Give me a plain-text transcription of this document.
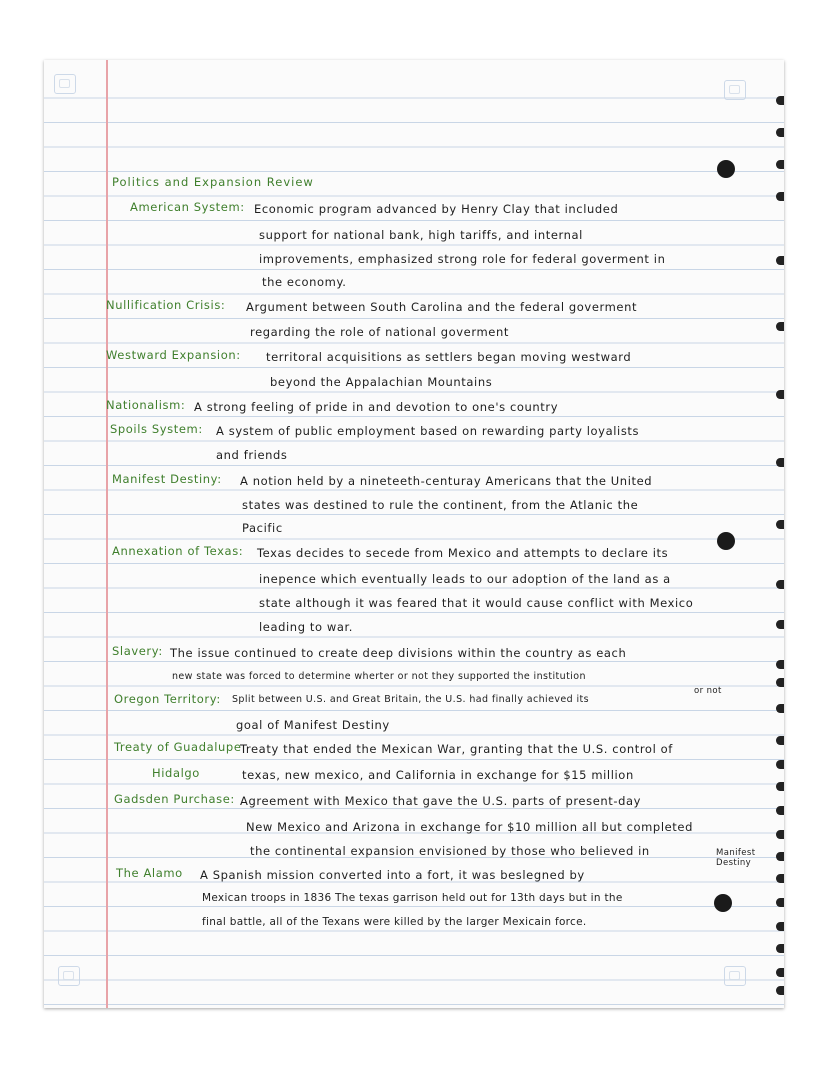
Politics and Expansion Review
American System: Economic program advanced by Henry Clay that included
support for national bank, high tariffs, and internal
improvements, emphasized strong role for federal goverment in
the economy.
Nullification Crisis: Argument between South Carolina and the federal goverment
regarding the role of national goverment
Westward Expansion: territoral acquisitions as settlers began moving westward
beyond the Appalachian Mountains
Nationalism: A strong feeling of pride in and devotion to one's country
Spoils System: A system of public employment based on rewarding party loyalists
and friends
Manifest Destiny: A notion held by a nineteeth-centuray Americans that the United
states was destined to rule the continent, from the Atlanic the
Pacific
Annexation of Texas: Texas decides to secede from Mexico and attempts to declare its
inepence which eventually leads to our adoption of the land as a
state although it was feared that it would cause conflict with Mexico
leading to war.
Slavery: The issue continued to create deep divisions within the country as each
new state was forced to determine wherter or not they supported the institution
or not
Oregon Territory: Split between U.S. and Great Britain, the U.S. had finally achieved its
goal of Manifest Destiny
Treaty of Guadalupe
Treaty that ended the Mexican War, granting that the U.S. control of
Hidalgo	texas, new mexico, and California in exchange for $15 million
Gadsden Purchase: Agreement with Mexico that gave the U.S. parts of present-day
New Mexico and Arizona in exchange for $10 million all but completed
the continental expansion envisioned by those who believed in	Manifest
Destiny
The Alamo A Spanish mission converted into a fort, it was beslegned by
Mexican troops in 1836 The texas garrison held out for 13th days but in the
final battle, all of the Texans were killed by the larger Mexicain force.
